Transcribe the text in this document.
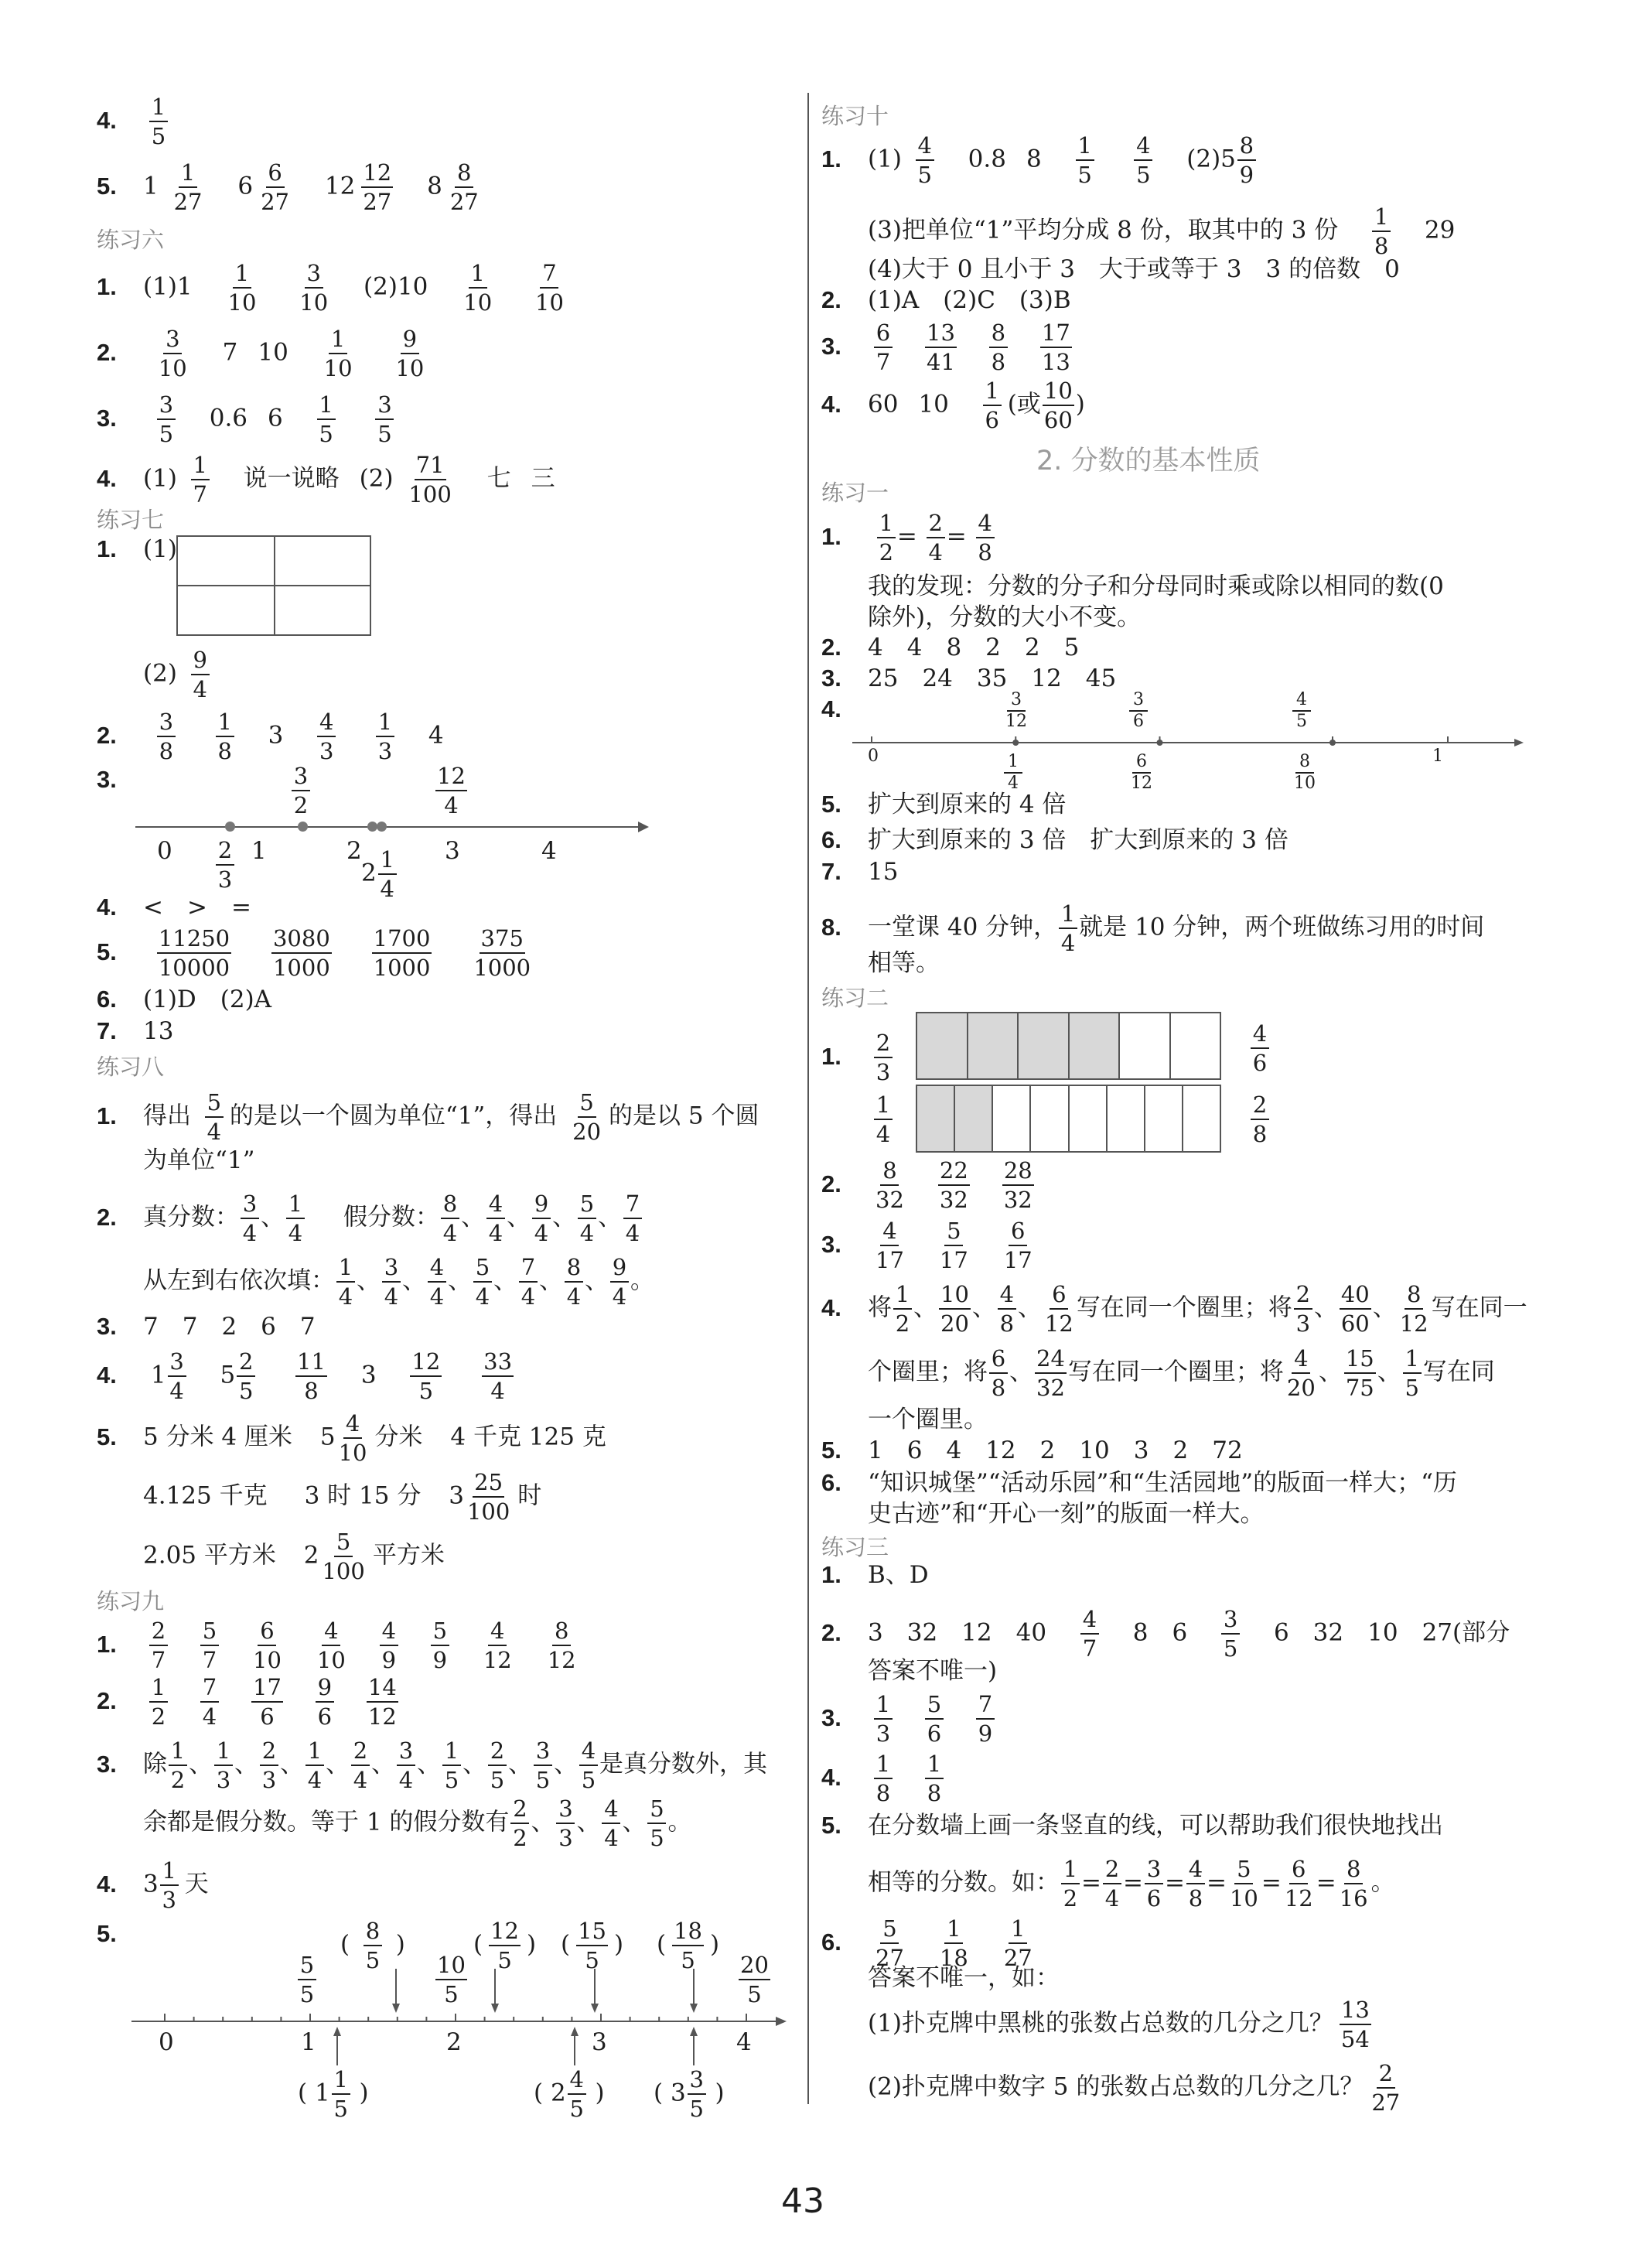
4. $\frac{1}{5}$
5. $1 \frac{1}{27} 6 \frac{6}{27} 12 \frac{12}{27} 8 \frac{8}{27}$
练习六
1. $(1)1 \frac{1}{10}$
$\frac{3}{10} (2)10 \frac{1}{10}$
$\frac{7}{10}$
2. $\frac{3}{10} 7$ $10 \frac{1}{10}$
$\frac{9}{10}$
3. $\frac{3}{5} 0.6$ $6 \frac{1}{5}$
$\frac{3}{5}$
4. $(1) \frac{1}{7}$ 说一说略 $(2) \frac{71}{100}$ 七 三
练习七
1. (1)
$(2) \frac{9}{4}$
2. $\frac{3}{8}$
$\frac{1}{8} 3 \frac{4}{3}$
$\frac{1}{3} 4$
3.	$\frac{3}{2}$	$\frac{12}{4}$
$0 \frac{2}{3} 1$	2
$2 \frac{1}{4} 3$	4
4. <　>　=
5. $\frac{11250}{10000}$
$\frac{3080}{1000}$
$\frac{1700}{1000}$
$\frac{375}{1000}$
6. (1)D　(2)A
7. 13
练习八
1. 得出 $\frac{5}{4}$ 的是以一个圆为单位“1”，得出 $\frac{5}{20}$ 的是以 5 个圆
为单位“1”
2. 真分数： $\frac{3}{4}$ 、 $\frac{1}{4}$ 假分数： $\frac{8}{4}$ 、 $\frac{4}{4}$ 、 $\frac{9}{4}$ 、 $\frac{5}{4}$ 、 $\frac{7}{4}$
从左到右依次填： $\frac{1}{4}$ 、 $\frac{3}{4}$ 、 $\frac{4}{4}$ 、 $\frac{5}{4}$ 、 $\frac{7}{4}$ 、 $\frac{8}{4}$ 、 $\frac{9}{4}$ 。
3. 7　7　2　6　7
4. $1 \frac{3}{4} 5 \frac{2}{5}$
$\frac{11}{8} 3 \frac{12}{5}$
$\frac{33}{4}$
5. 5 分米 4 厘米 $5 \frac{4}{10}$ 分米 4 千克 125 克
4.125 千克 3 时 15 分 $3 \frac{25}{100}$ 时
2.05 平方米 $2 \frac{5}{100}$ 平方米
练习九
1. $\frac{2}{7} \frac{5}{7} \frac{6}{10} \frac{4}{10} \frac{4}{9} \frac{5}{9} \frac{4}{12} \frac{8}{12}$
2. $\frac{1}{2} \frac{7}{4} \frac{17}{6} \frac{9}{6} \frac{14}{12}$
3. 除 $\frac{1}{2}$ 、 $\frac{1}{3}$ 、 $\frac{2}{3}$ 、 $\frac{1}{4}$ 、 $\frac{2}{4}$ 、 $\frac{3}{4}$ 、 $\frac{1}{5}$ 、 $\frac{2}{5}$ 、 $\frac{3}{5}$ 、 $\frac{4}{5}$ 是真分数外，其
余都是假分数。等于 1 的假分数有 $\frac{2}{2}$ 、 $\frac{3}{3}$ 、 $\frac{4}{4}$ 、 $\frac{5}{5}$ 。
4. $3 \frac{1}{3}$ 天
5.
$\frac{5}{5}$
( $\frac{8}{5}$ )
$\frac{10}{5}$
( $\frac{12}{5}$ ) ( $\frac{15}{5}$ ) ( $\frac{18}{5}$ )
$\frac{20}{5}$
0	1	2	3	4
( $1 \frac{1}{5}$ )	( $2 \frac{4}{5}$ ) ( $3 \frac{3}{5}$ )
练习十
1. $(1) \frac{4}{5} 0.8$ $8 \frac{1}{5}$
$\frac{4}{5} (2)5 \frac{8}{9}$
(3)把单位“1”平均分成 8 份，取其中的 3 份 $\frac{1}{8} 29$
(4)大于 0 且小于 3　大于或等于 3　3 的倍数　0
2. (1)A　(2)C　(3)B
3. $\frac{6}{7} \frac{13}{41} \frac{8}{8} \frac{17}{13}$
4. 60 $10 \frac{1}{6}$ (或 $\frac{10}{60}$ )
2. 分数的基本性质
练习一
1. $\frac{1}{2} = \frac{2}{4} = \frac{4}{8}$
我的发现：分数的分子和分母同时乘或除以相同的数(0
除外)，分数的大小不变。
2. 4　4　8　2　2　5
3. 25　24　35　12　45
4.	$\frac{3}{12}$	$\frac{3}{6}$	$\frac{4}{5}$
0	$\frac{1}{4}$	$\frac{6}{12}$	$\frac{8}{10}$	1
5. 扩大到原来的 4 倍
6. 扩大到原来的 3 倍　扩大到原来的 3 倍
7. 15
8. 一堂课 40 分钟， $\frac{1}{4}$ 就是 10 分钟，两个班做练习用的时间
相等。
练习二
1. $\frac{2}{3}$	$\frac{4}{6}$
$\frac{1}{4}$	$\frac{2}{8}$
2. $\frac{8}{32} \frac{22}{32} \frac{28}{32}$
3. $\frac{4}{17} \frac{5}{17} \frac{6}{17}$
4. 将 $\frac{1}{2}$ 、 $\frac{10}{20}$ 、 $\frac{4}{8}$ 、 $\frac{6}{12}$ 写在同一个圈里；将 $\frac{2}{3}$ 、 $\frac{40}{60}$ 、 $\frac{8}{12}$ 写在同一
个圈里；将 $\frac{6}{8}$ 、 $\frac{24}{32}$ 写在同一个圈里；将 $\frac{4}{20}$ 、 $\frac{15}{75}$ 、 $\frac{1}{5}$ 写在同
一个圈里。
5. 1　6　4　12　2　10　3　2　72
6. “知识城堡”“活动乐园”和“生活园地”的版面一样大；“历
史古迹”和“开心一刻”的版面一样大。
练习三
1. B、D
2. 3　32　12　$40 \frac{4}{7} 8$　$6 \frac{3}{5} 6$　32　10　27(部分
答案不唯一)
3. $\frac{1}{3} \frac{5}{6} \frac{7}{9}$
4. $\frac{1}{8} \frac{1}{8}$
5. 在分数墙上画一条竖直的线，可以帮助我们很快地找出
相等的分数。如： $\frac{1}{2} = \frac{2}{4} = \frac{3}{6} = \frac{4}{8} = \frac{5}{10} = \frac{6}{12} = \frac{8}{16}$ 。
6. $\frac{5}{27} \frac{1}{18} \frac{1}{27}$
答案不唯一，如：
(1)扑克牌中黑桃的张数占总数的几分之几？ $\frac{13}{54}$
(2)扑克牌中数字 5 的张数占总数的几分之几？ $\frac{2}{27}$
43
